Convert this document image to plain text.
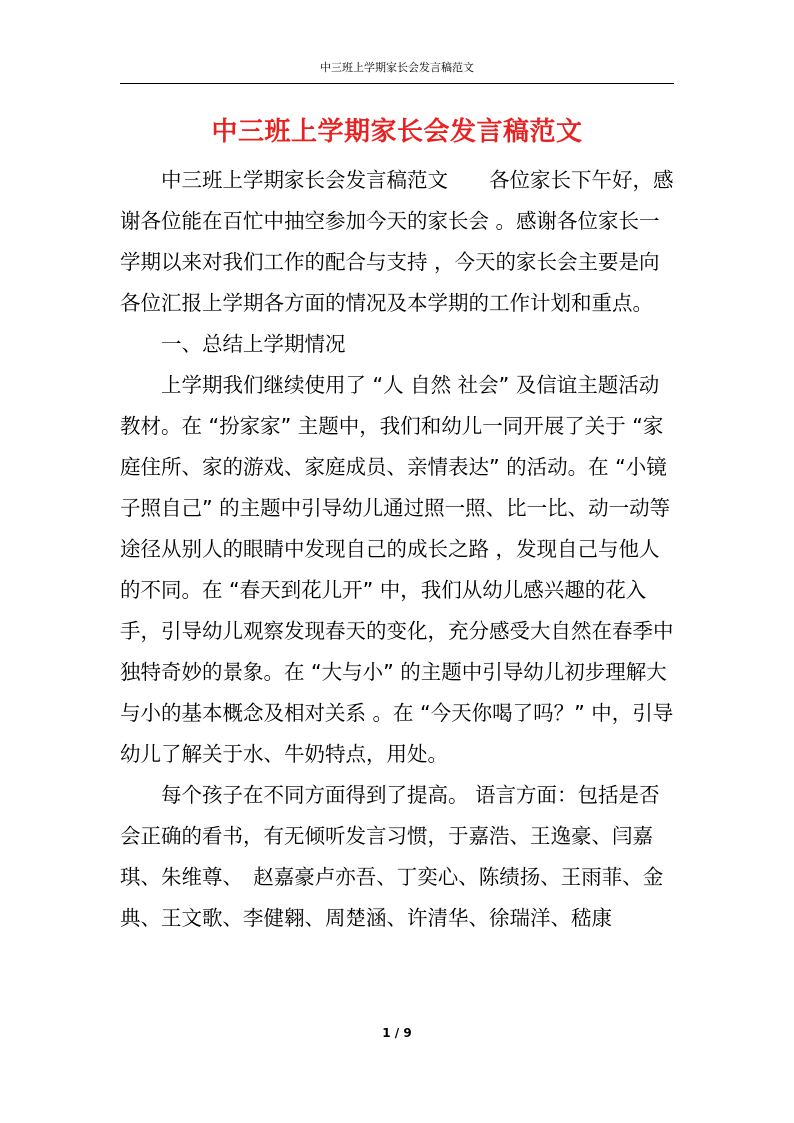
中三班上学期家长会发言稿范文
中三班上学期家长会发言稿范文

中三班上学期家长会发言稿范文　　各位家长下午好，感谢各位能在百忙中抽空参加今天的家长会 。感谢各位家长一学期以来对我们工作的配合与支持 ，今天的家长会主要是向各位汇报上学期各方面的情况及本学期的工作计划和重点。

一、总结上学期情况

上学期我们继续使用了 “人 自然 社会” 及信谊主题活动教材。在 “扮家家” 主题中，我们和幼儿一同开展了关于 “家庭住所、家的游戏、家庭成员、亲情表达” 的活动。在 “小镜子照自己” 的主题中引导幼儿通过照一照、比一比、动一动等途径从别人的眼睛中发现自己的成长之路 ，发现自己与他人的不同。在 “春天到花儿开” 中，我们从幼儿感兴趣的花入手，引导幼儿观察发现春天的变化，充分感受大自然在春季中独特奇妙的景象。在 “大与小” 的主题中引导幼儿初步理解大与小的基本概念及相对关系 。在 “今天你喝了吗？” 中，引导幼儿了解关于水、牛奶特点，用处。

每个孩子在不同方面得到了提高。 语言方面：包括是否会正确的看书，有无倾听发言习惯，于嘉浩、王逸豪、闫嘉琪、朱维尊、　赵嘉豪卢亦吾、丁奕心、陈绩扬、王雨菲、金　典、王文歌、李健翱、周楚涵、许清华、徐瑞洋、嵇康

1 / 9
